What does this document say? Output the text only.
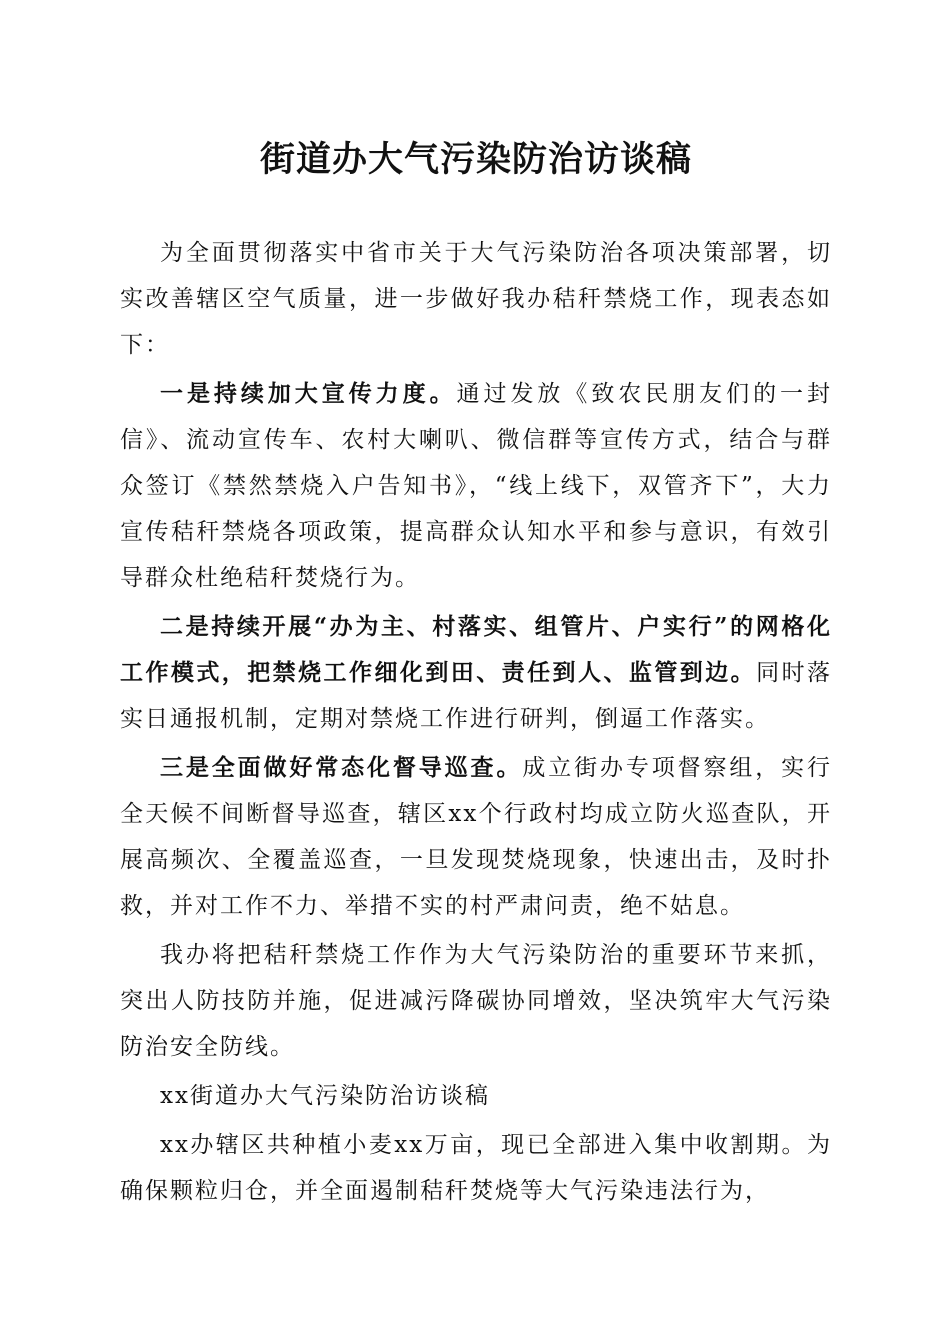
街道办大气污染防治访谈稿

为全面贯彻落实中省市关于大气污染防治各项决策部署，切实改善辖区空气质量，进一步做好我办秸秆禁烧工作，现表态如下：

一是持续加大宣传力度。通过发放《致农民朋友们的一封信》、流动宣传车、农村大喇叭、微信群等宣传方式，结合与群众签订《禁然禁烧入户告知书》，“线上线下，双管齐下”，大力宣传秸秆禁烧各项政策，提高群众认知水平和参与意识，有效引导群众杜绝秸秆焚烧行为。

二是持续开展“办为主、村落实、组管片、户实行”的网格化工作模式，把禁烧工作细化到田、责任到人、监管到边。同时落实日通报机制，定期对禁烧工作进行研判，倒逼工作落实。

三是全面做好常态化督导巡查。成立街办专项督察组，实行全天候不间断督导巡查，辖区xx个行政村均成立防火巡查队，开展高频次、全覆盖巡查，一旦发现焚烧现象，快速出击，及时扑救，并对工作不力、举措不实的村严肃问责，绝不姑息。

我办将把秸秆禁烧工作作为大气污染防治的重要环节来抓，突出人防技防并施，促进减污降碳协同增效，坚决筑牢大气污染防治安全防线。

xx街道办大气污染防治访谈稿

xx办辖区共种植小麦xx万亩，现已全部进入集中收割期。为确保颗粒归仓，并全面遏制秸秆焚烧等大气污染违法行为，
